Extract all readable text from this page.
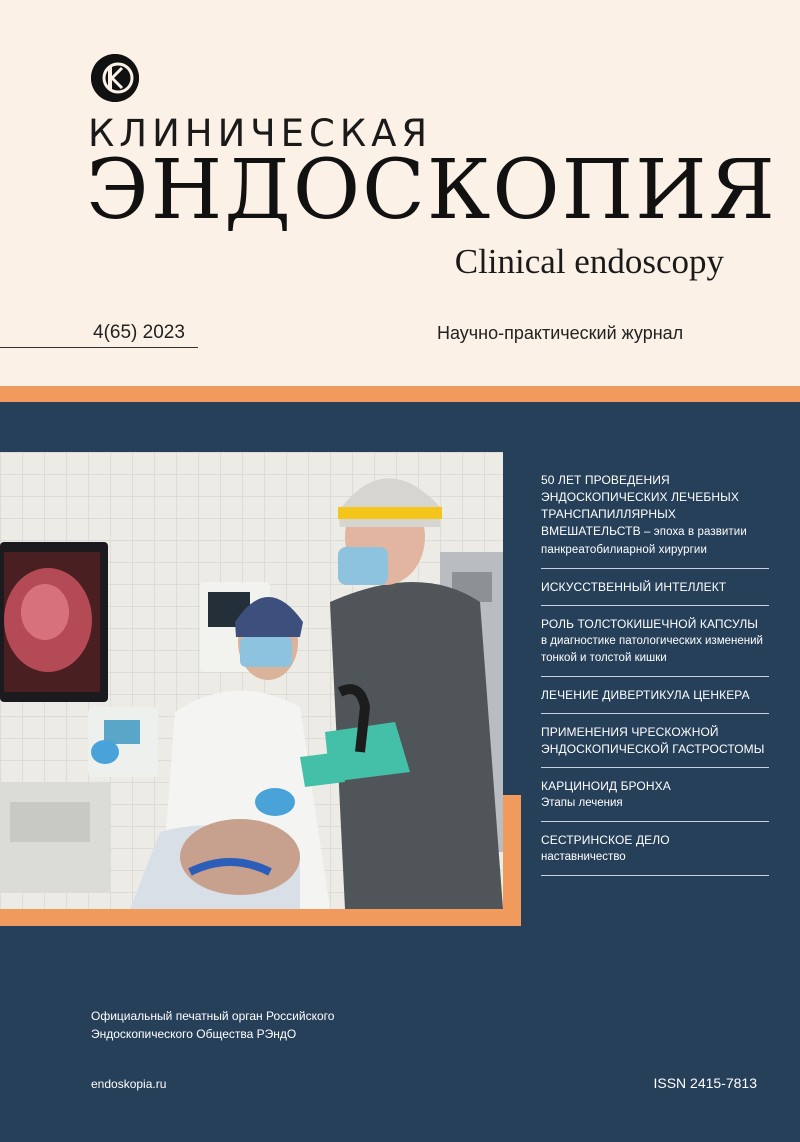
КЛИНИЧЕСКАЯ
ЭНДОСКОПИЯ
Clinical endoscopy
4(65) 2023	Научно-практический журнал
50 ЛЕТ ПРОВЕДЕНИЯ ЭНДОСКОПИЧЕСКИХ ЛЕЧЕБНЫХ ТРАНСПАПИЛЛЯРНЫХ ВМЕШАТЕЛЬСТВ – эпоха в развитии панкреатобилиарной хирургии
ИСКУССТВЕННЫЙ ИНТЕЛЛЕКТ
РОЛЬ ТОЛСТОКИШЕЧНОЙ КАПСУЛЫ
в диагностике патологических изменений тонкой и толстой кишки
ЛЕЧЕНИЕ ДИВЕРТИКУЛА ЦЕНКЕРА
ПРИМЕНЕНИЯ ЧРЕСКОЖНОЙ ЭНДОСКОПИЧЕСКОЙ ГАСТРОСТОМЫ
КАРЦИНОИД БРОНХА
Этапы лечения
СЕСТРИНСКОЕ ДЕЛО
наставничество
Официальный печатный орган Российского Эндоскопического Общества РЭндО
endoskopia.ru	ISSN 2415-7813
